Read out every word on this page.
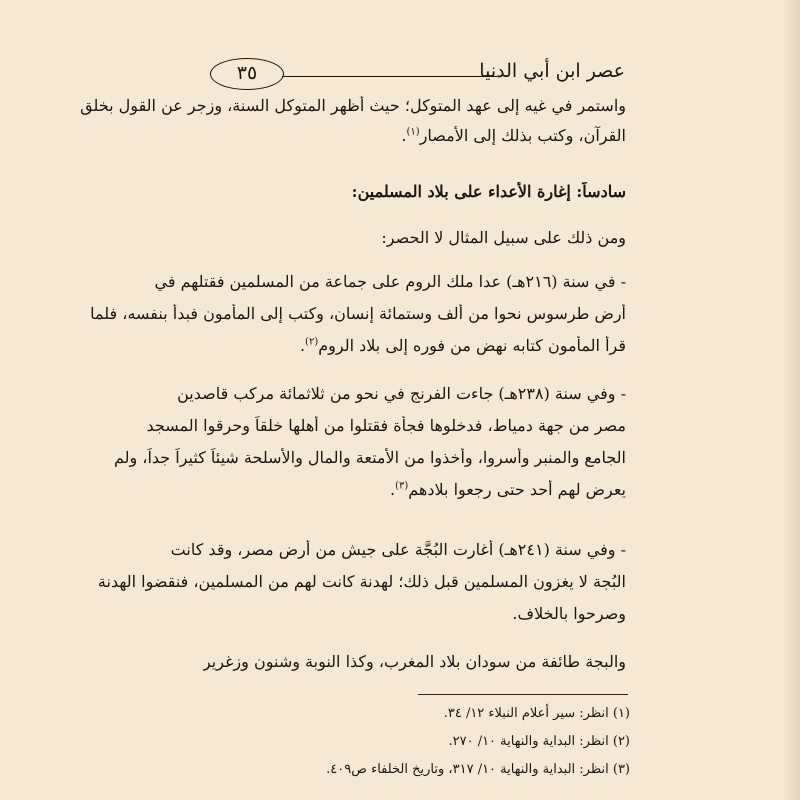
عصر ابن أبي الدنيا
٣٥
واستمر في غيه إلى عهد المتوكل؛ حيث أظهر المتوكل السنة، وزجر عن القول بخلق
القرآن، وكتب بذلك إلى الأمصار$^{(١)}$.
سادساً: إغارة الأعداء على بلاد المسلمين:
ومن ذلك على سبيل المثال لا الحصر:
- في سنة (٢١٦هـ) عدا ملك الروم على جماعة من المسلمين فقتلهم في
أرض طرسوس نحوا من ألف وستمائة إنسان، وكتب إلى المأمون فبدأ بنفسه، فلما
قرأ المأمون كتابه نهض من فوره إلى بلاد الروم$^{(٢)}$.
- وفي سنة (٢٣٨هـ) جاءت الفرنج في نحو من ثلاثمائة مركب قاصدين
مصر من جهة دمياط، فدخلوها فجأة فقتلوا من أهلها خلقاً وحرقوا المسجد
الجامع والمنبر وأسروا، وأخذوا من الأمتعة والمال والأسلحة شيئاً كثيراً جداً، ولم
يعرض لهم أحد حتى رجعوا بلادهم$^{(٣)}$.
- وفي سنة (٢٤١هـ) أغارت البُجَّة على جيش من أرض مصر، وقد كانت
البُجة لا يغزون المسلمين قبل ذلك؛ لهدنة كانت لهم من المسلمين، فنقضوا الهدنة
وصرحوا بالخلاف.
والبجة طائفة من سودان بلاد المغرب، وكذا النوبة وشنون وزغرير
(١) انظر: سير أعلام النبلاء ١٢/ ٣٤.
(٢) انظر: البداية والنهاية ١٠/ ٢٧٠.
(٣) انظر: البداية والنهاية ١٠/ ٣١٧، وتاريخ الخلفاء ص٤٠٩.
